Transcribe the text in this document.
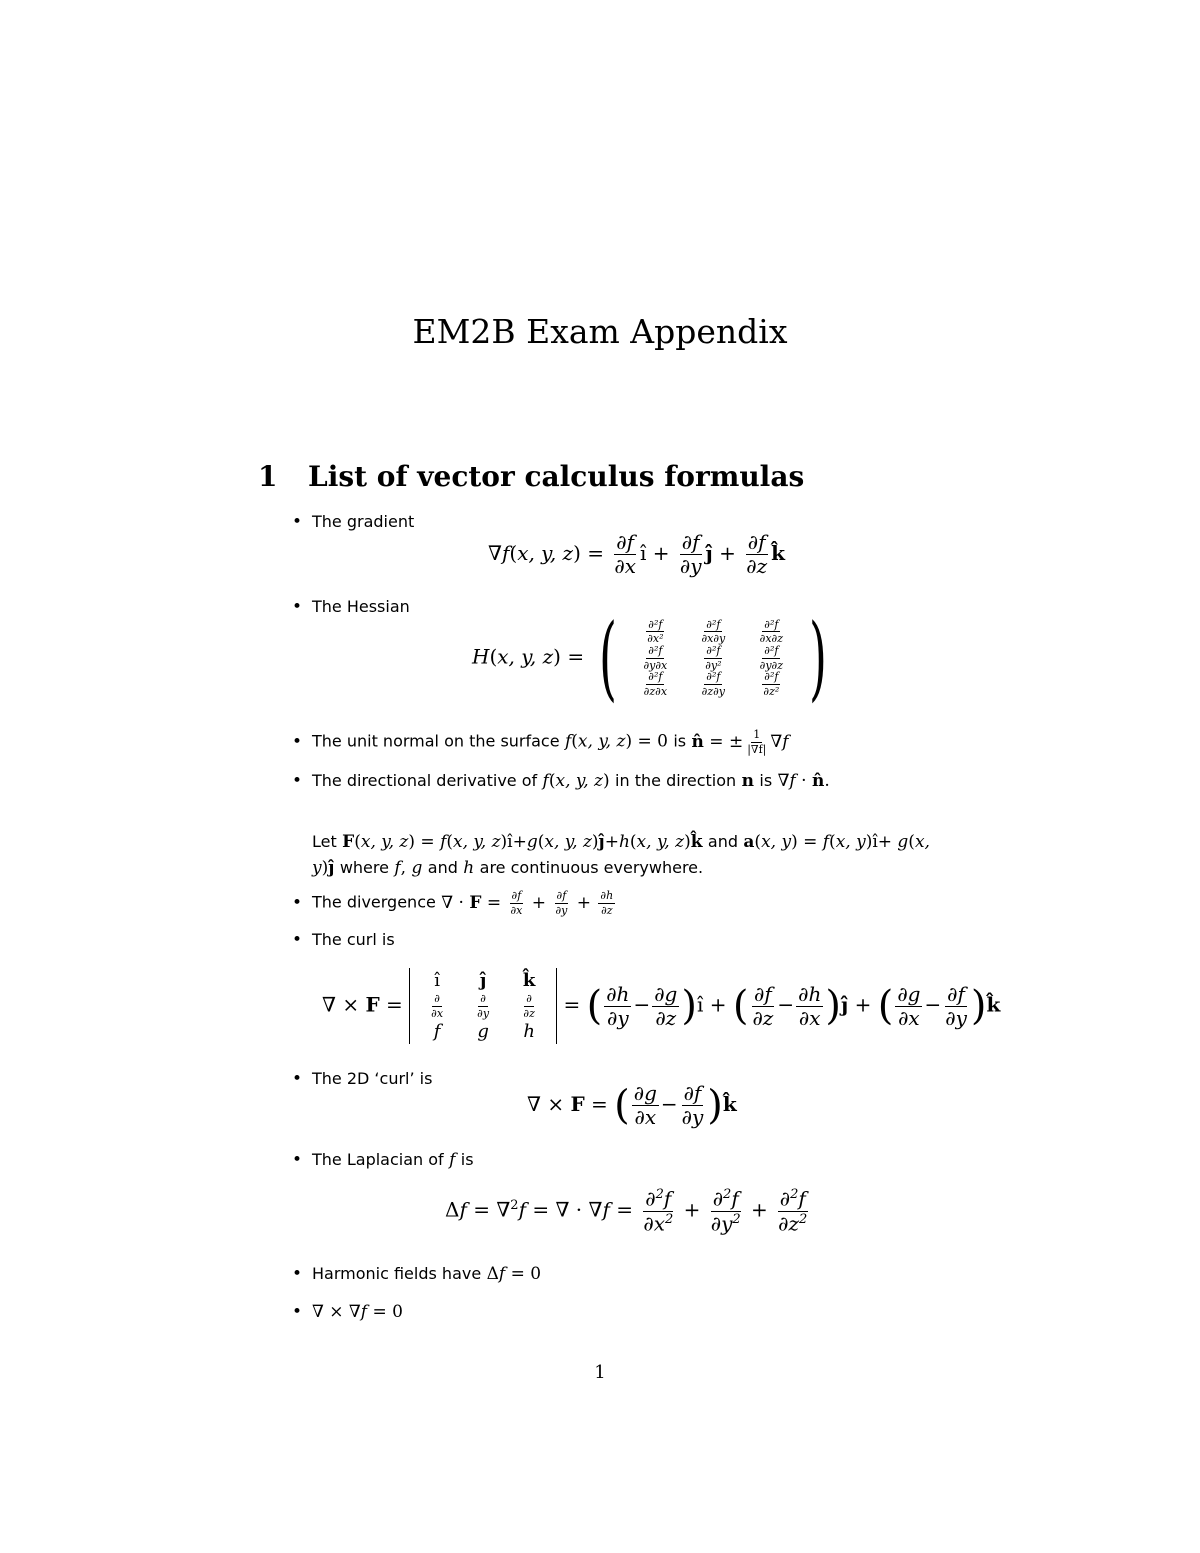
EM2B Exam Appendix
1 List of vector calculus formulas
• The gradient
∇f(x, y, $z) = \frac{\partial f}{\partial x}$ î + $\frac{\partial f}{\partial y}$ ĵ + $\frac{\partial f}{\partial z}$ k̂
• The Hessian
H(x, y, z) = ( $\frac{\text{∂²f}}{\text{∂x²}} \frac{\text{∂²f}}{\partial x\partial y} \frac{\text{∂²f}}{\partial x\partial z}$
$\frac{\text{∂²f}}{\partial y\partial x} \frac{\text{∂²f}}{\text{∂y²}} \frac{\text{∂²f}}{\partial y\partial z}$
$\frac{\text{∂²f}}{\partial z\partial x} \frac{\text{∂²f}}{\partial z\partial y} \frac{\text{∂²f}}{\text{∂z²}}$ )
• The unit normal on the surface f(x, y, z) = 0 is n̂ = ± $\frac{1}{|\nabla f|} \nabla f$
• The directional derivative of f(x, y, z) in the direction n is ∇f · n̂.
Let F(x, y, z) = f(x, y, z)î+g(x, y, z)ĵ+h(x, y, z)k̂ and a(x, y) = f(x, y)î+ g(x, y)ĵ where f, g and h are continuous everywhere.
• The divergence ∇ · $F = \frac{\partial f}{\partial x} + \frac{\partial f}{\partial y} + \frac{\partial h}{\partial z}$
• The curl is
∇ × F =
î	ĵ	k̂
$\frac{\partial}{\partial x} \frac{\partial}{\partial y} \frac{\partial}{\partial z}$
f	g	h
= ( $\frac{\partial h}{\partial y} - \frac{\partial g}{\partial z}$ )î + ( $\frac{\partial f}{\partial z} - \frac{\partial h}{\partial x}$ )ĵ + ( $\frac{\partial g}{\partial x} - \frac{\partial f}{\partial y}$ )k̂
• The 2D ‘curl’ is
∇ × F = ( $\frac{\partial g}{\partial x} - \frac{\partial f}{\partial y}$ )k̂
• The Laplacian of f is
Δf = ∇$^2$f = ∇ · $\nabla f = \frac{\partial^2f}{\partial x^2} + \frac{\partial^2f}{\partial y^2} + \frac{\partial^2f}{\partial z^2}$
• Harmonic fields have Δf = 0
• ∇ × ∇f = 0
1
